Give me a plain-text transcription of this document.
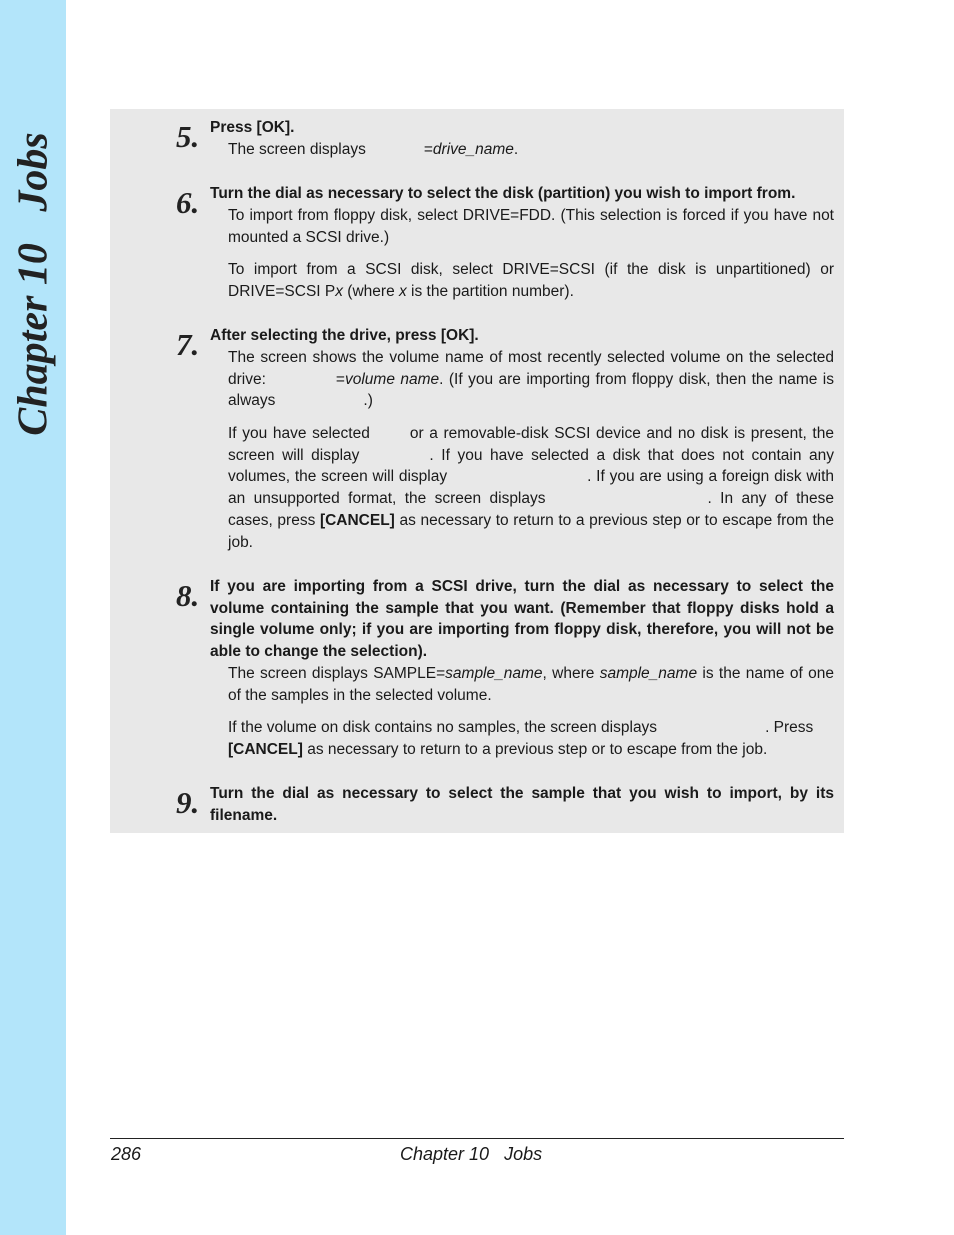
Chapter 10   Jobs	5. Press [OK].
The screen displays	=drive_name.
6. Turn the dial as necessary to select the disk (partition) you wish to import from.
To import from floppy disk, select DRIVE=FDD. (This selection is forced if you have not mounted a SCSI drive.)
To import from a SCSI disk, select DRIVE=SCSI (if the disk is unpartitioned) or DRIVE=SCSI Px (where x is the partition number).
7. After selecting the drive, press [OK].
The screen shows the volume name of most recently selected volume on the selected drive:	=volume name. (If you are importing from floppy disk, then the name is always	.)
If you have selected	or a removable-disk SCSI device and no disk is present, the screen will display	. If you have selected a disk that does not contain any volumes, the screen will display	. If you are using a foreign disk with an unsupported format, the screen displays	. In any of these cases, press [CANCEL] as necessary to return to a previous step or to escape from the job.
8. If you are importing from a SCSI drive, turn the dial as necessary to select the volume containing the sample that you want. (Remember that floppy disks hold a single volume only; if you are importing from floppy disk, therefore, you will not be able to change the selection).
The screen displays SAMPLE=sample_name, where sample_name is the name of one of the samples in the selected volume.
If the volume on disk contains no samples, the screen displays	. Press
[CANCEL] as necessary to return to a previous step or to escape from the job.
9. Turn the dial as necessary to select the sample that you wish to import, by its filename.
286	Chapter 10   Jobs
